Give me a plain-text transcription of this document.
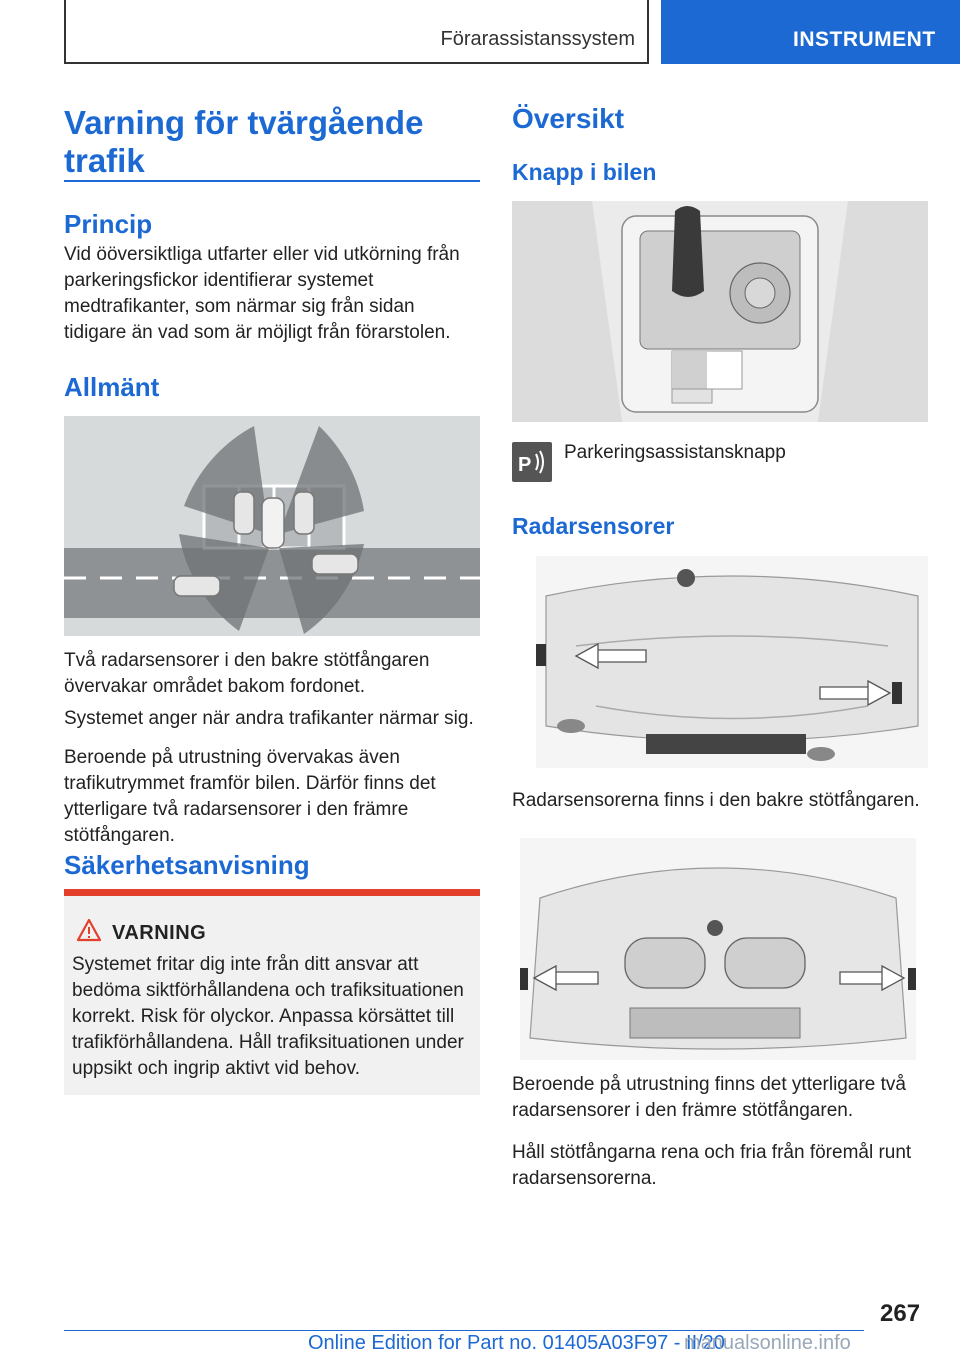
Förarassistanssystem	INSTRUMENT
Varning för tvärgående trafik
Princip

Vid ööversiktliga utfarter eller vid utkörning från parkeringsfickor identifierar systemet medtrafikanter, som närmar sig från sidan tidigare än vad som är möjligt från förarstolen.

Allmänt

Två radarsensorer i den bakre stötfångaren övervakar området bakom fordonet.

Systemet anger när andra trafikanter närmar sig.

Beroende på utrustning övervakas även trafikutrymmet framför bilen. Därför finns det ytterligare två radarsensorer i den främre stötfångaren.

Säkerhetsanvisning
VARNING

Systemet fritar dig inte från ditt ansvar att bedöma siktförhållandena och trafiksituationen korrekt. Risk för olyckor. Anpassa körsättet till trafikförhållandena. Håll trafiksituationen under uppsikt och ingrip aktivt vid behov.

Översikt
Knapp i bilen
P
Parkeringsassistansknapp
Radarsensorer

Radarsensorerna finns i den bakre stötfångaren.

Beroende på utrustning finns det ytterligare två radarsensorer i den främre stötfångaren.

Håll stötfångarna rena och fria från föremål runt radarsensorerna.

267
Online Edition for Part no. 01405A03F97 - II/20
manualsonline.info
